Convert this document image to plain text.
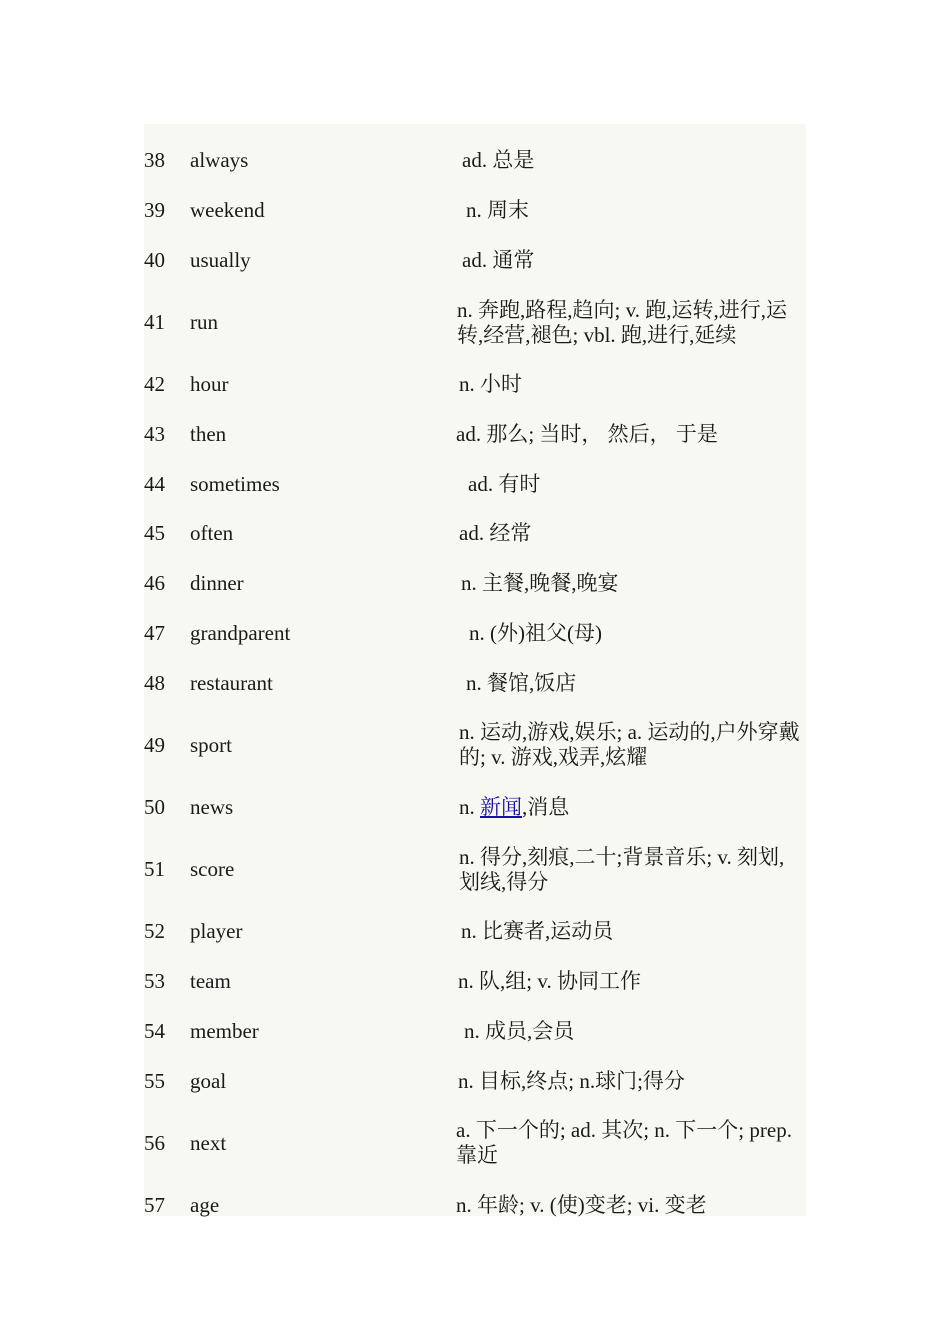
38	always	ad. 总是

39	weekend	n. 周末

40	usually	ad. 通常

41	run	n. 奔跑,路程,趋向; v. 跑,运转,进行,运转,经营,褪色; vbl. 跑,进行,延续

42	hour	n. 小时

43	then	ad. 那么; 当时， 然后， 于是

44	sometimes	ad. 有时

45	often	ad. 经常

46	dinner	n. 主餐,晚餐,晚宴

47	grandparent	n. (外)祖父(母)

48	restaurant	n. 餐馆,饭店

49	sport	n. 运动,游戏,娱乐; a. 运动的,户外穿戴的; v. 游戏,戏弄,炫耀

50	news	n. 新闻,消息

51	score	n. 得分,刻痕,二十;背景音乐; v. 刻划,划线,得分

52	player	n. 比赛者,运动员

53	team	n. 队,组; v. 协同工作

54	member	n. 成员,会员

55	goal	n. 目标,终点; n.球门;得分

56	next	a. 下一个的; ad. 其次; n. 下一个; prep. 靠近

57	age	n. 年龄; v. (使)变老; vi. 变老
